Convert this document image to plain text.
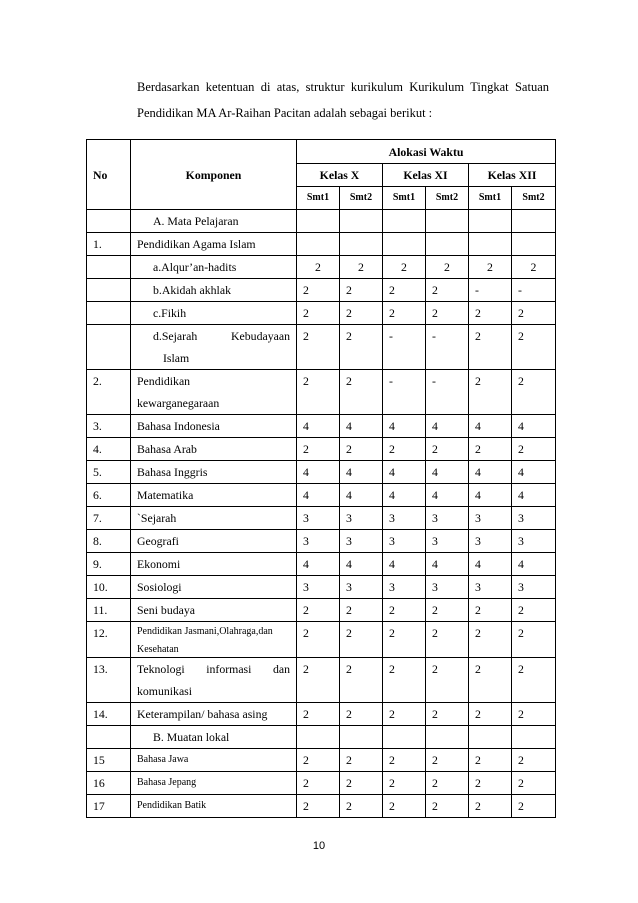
Berdasarkan ketentuan di atas, struktur kurikulum Kurikulum Tingkat Satuan

Pendidikan MA Ar-Raihan Pacitan adalah sebagai berikut :

No	Komponen	Alokasi Waktu					
		Kelas X		Kelas XI		Kelas XII	
		Smt1	Smt2	Smt1	Smt2	Smt1	Smt2
	A. Mata Pelajaran						
1.	Pendidikan Agama Islam						
	a.Alqur’an-hadits	2	2	2	2	2	2
	b.Akidah akhlak	2	2	2	2	-	-
	c.Fikih	2	2	2	2	2	2

	d.Sejarah Kebudayaan
Islam	2	2	-	-	2	2
2.	Pendidikan
kewarganegaraan	2	2	-	-	2	2
3.	Bahasa Indonesia	4	4	4	4	4	4
4.	Bahasa Arab	2	2	2	2	2	2
5.	Bahasa Inggris	4	4	4	4	4	4
6.	Matematika	4	4	4	4	4	4
7.	`Sejarah	3	3	3	3	3	3
8.	Geografi	3	3	3	3	3	3
9.	Ekonomi	4	4	4	4	4	4
10.	Sosiologi	3	3	3	3	3	3
11.	Seni budaya	2	2	2	2	2	2
12.	Pendidikan Jasmani,Olahraga,dan
Kesehatan	2	2	2	2	2	2
13.	Teknologi informasi dan
komunikasi	2	2	2	2	2	2
14.	Keterampilan/ bahasa asing	2	2	2	2	2	2
	B. Muatan lokal						
15	Bahasa Jawa	2	2	2	2	2	2
16	Bahasa Jepang	2	2	2	2	2	2
17	Pendidikan Batik	2	2	2	2	2	2
10
